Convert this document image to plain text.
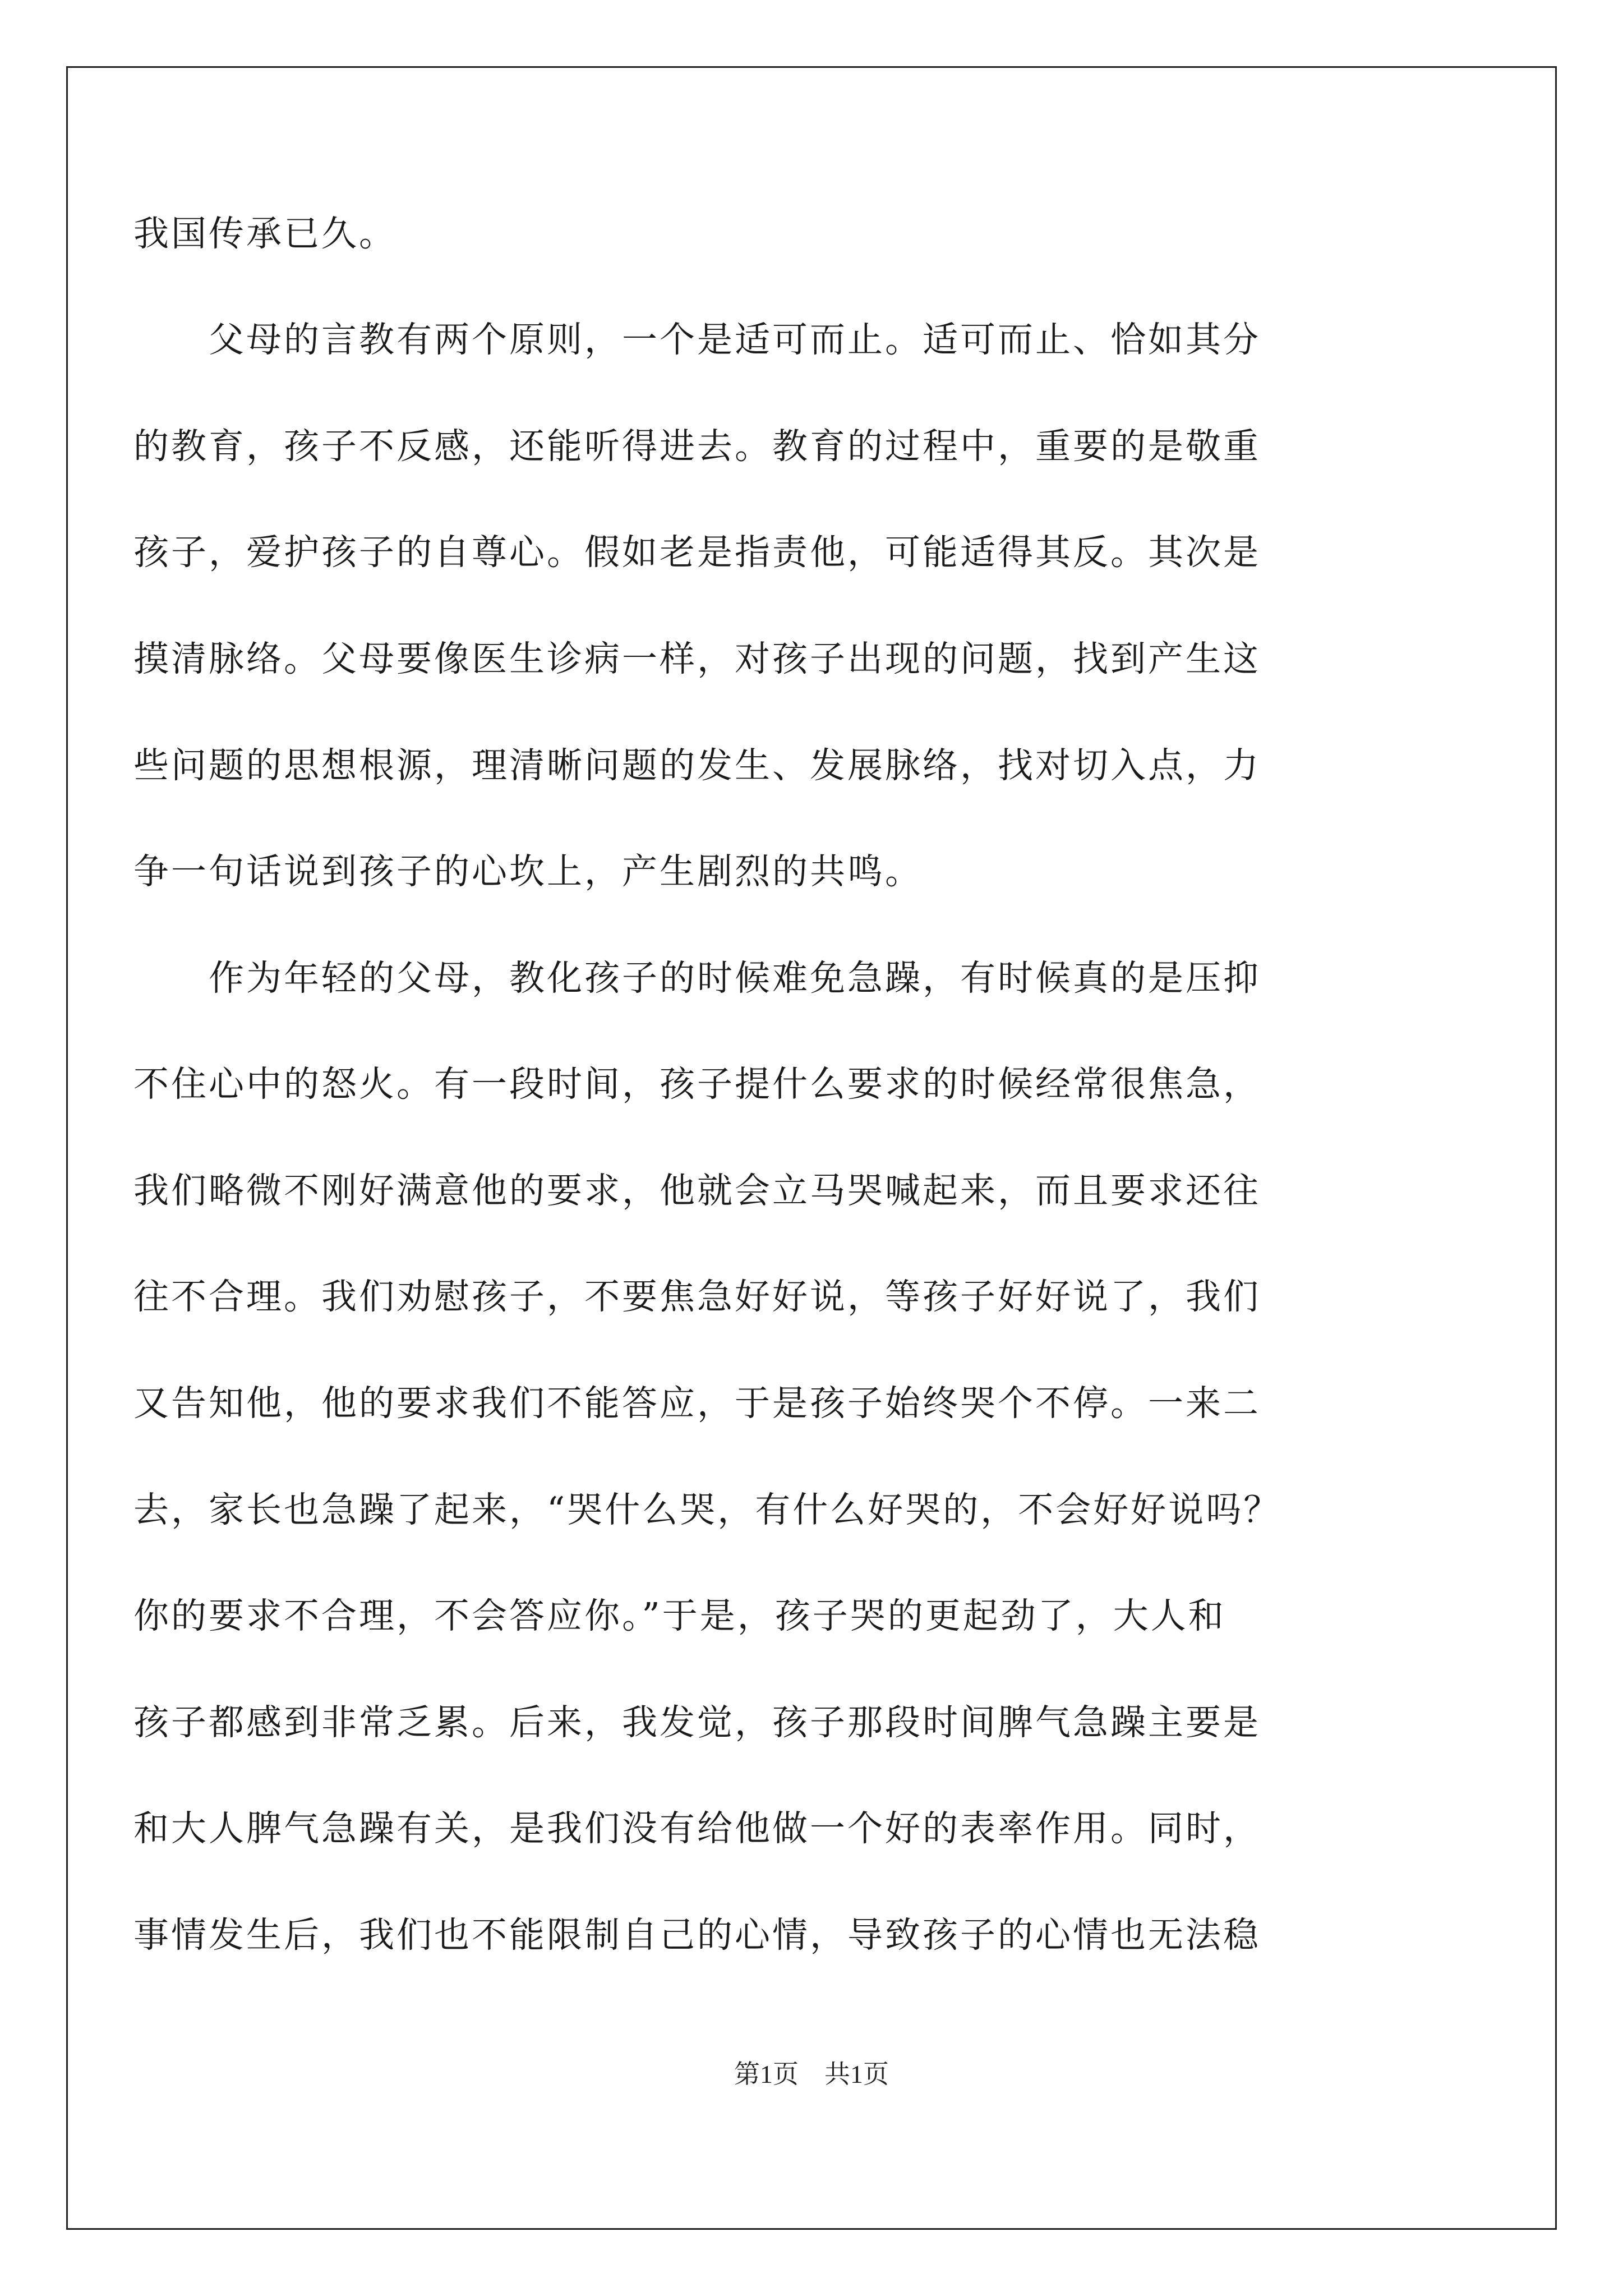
我国传承已久。
　　父母的言教有两个原则，一个是适可而止。适可而止、恰如其分
的教育，孩子不反感，还能听得进去。教育的过程中，重要的是敬重
孩子，爱护孩子的自尊心。假如老是指责他，可能适得其反。其次是
摸清脉络。父母要像医生诊病一样，对孩子出现的问题，找到产生这
些问题的思想根源，理清晰问题的发生、发展脉络，找对切入点，力
争一句话说到孩子的心坎上，产生剧烈的共鸣。
　　作为年轻的父母，教化孩子的时候难免急躁，有时候真的是压抑
不住心中的怒火。有一段时间，孩子提什么要求的时候经常很焦急，
我们略微不刚好满意他的要求，他就会立马哭喊起来，而且要求还往
往不合理。我们劝慰孩子，不要焦急好好说，等孩子好好说了，我们
又告知他，他的要求我们不能答应，于是孩子始终哭个不停。一来二
去，家长也急躁了起来，“哭什么哭，有什么好哭的，不会好好说吗？
你的要求不合理，不会答应你。”于是，孩子哭的更起劲了，大人和
孩子都感到非常乏累。后来，我发觉，孩子那段时间脾气急躁主要是
和大人脾气急躁有关，是我们没有给他做一个好的表率作用。同时，
事情发生后，我们也不能限制自己的心情，导致孩子的心情也无法稳
第1页 共1页
